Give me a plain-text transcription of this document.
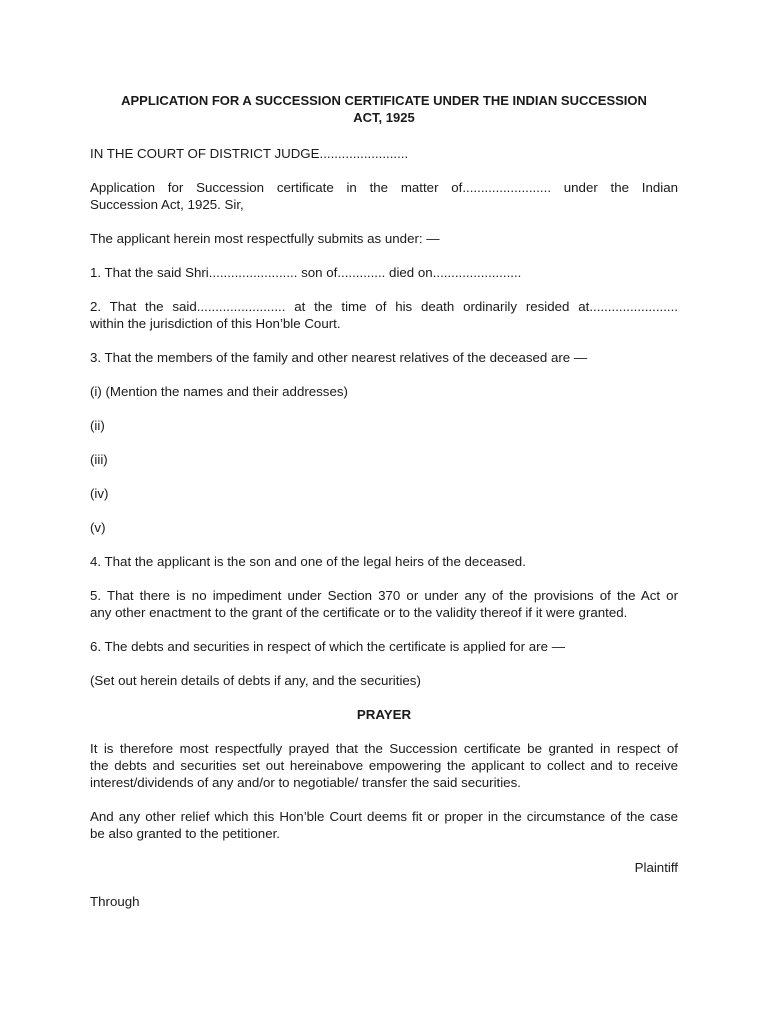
APPLICATION FOR A SUCCESSION CERTIFICATE UNDER THE INDIAN SUCCESSION
ACT, 1925

IN THE COURT OF DISTRICT JUDGE........................

Application for Succession certificate in the matter of........................ under the Indian
Succession Act, 1925. Sir,

The applicant herein most respectfully submits as under: —

1. That the said Shri........................ son of............. died on........................

2. That the said........................ at the time of his death ordinarily resided at........................
within the jurisdiction of this Hon’ble Court.

3. That the members of the family and other nearest relatives of the deceased are —

(i) (Mention the names and their addresses)

(ii)

(iii)

(iv)

(v)

4. That the applicant is the son and one of the legal heirs of the deceased.

5. That there is no impediment under Section 370 or under any of the provisions of the Act or
any other enactment to the grant of the certificate or to the validity thereof if it were granted.

6. The debts and securities in respect of which the certificate is applied for are —

(Set out herein details of debts if any, and the securities)

PRAYER

It is therefore most respectfully prayed that the Succession certificate be granted in respect of
the debts and securities set out hereinabove empowering the applicant to collect and to receive
interest/dividends of any and/or to negotiable/ transfer the said securities.

And any other relief which this Hon’ble Court deems fit or proper in the circumstance of the case
be also granted to the petitioner.

Plaintiff

Through
